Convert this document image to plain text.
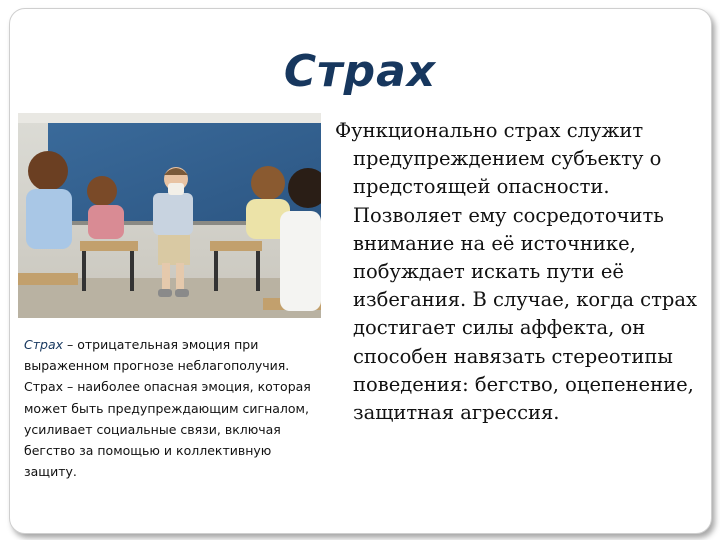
Страх
Страх – отрицательная эмоция при выраженном прогнозе неблагополучия. Страх – наиболее опасная эмоция, которая может быть предупреждающим сигналом, усиливает социальные связи, включая бегство за помощью и коллективную защиту.
Функционально страх служит предупреждением субъекту о предстоящей опасности. Позволяет ему сосредоточить внимание на её источнике, побуждает искать пути её избегания. В случае, когда страх достигает силы аффекта, он способен навязать стереотипы поведения: бегство, оцепенение, защитная агрессия.
